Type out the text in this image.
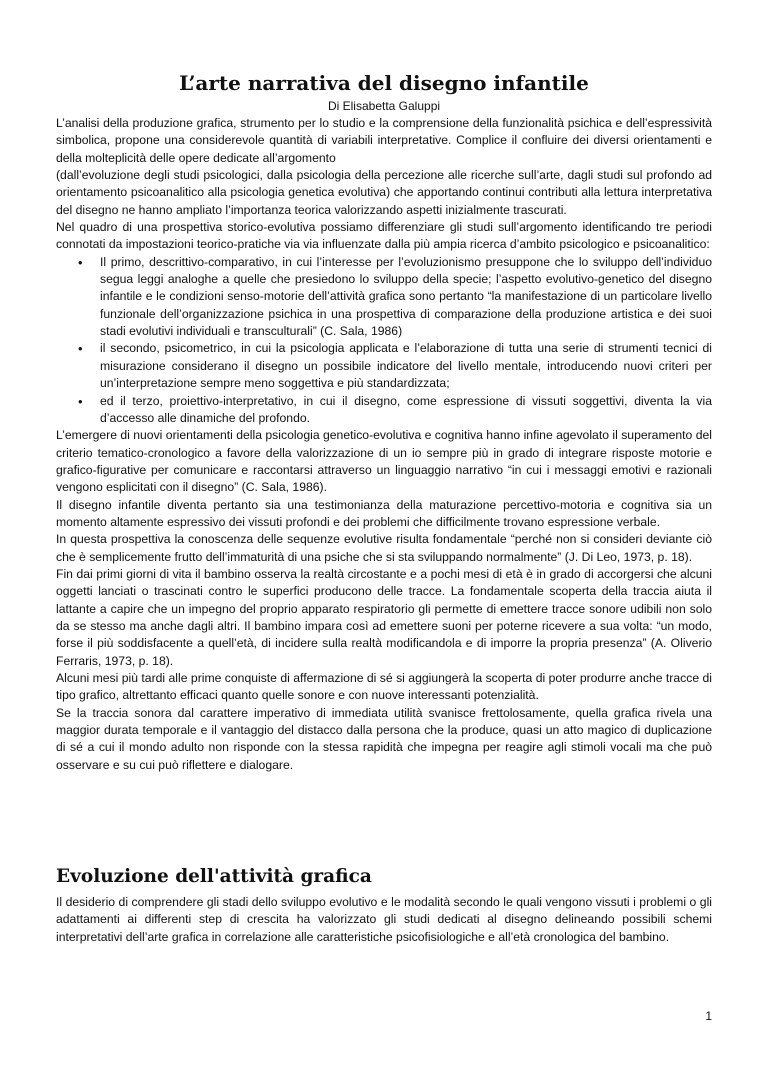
L’arte narrativa del disegno infantile
Di Elisabetta Galuppi

L’analisi della produzione grafica, strumento per lo studio e la comprensione della funzionalità psichica e dell’espressività simbolica, propone una considerevole quantità di variabili interpretative. Complice il confluire dei diversi orientamenti e della molteplicità delle opere dedicate all’argomento

(dall’evoluzione degli studi psicologici, dalla psicologia della percezione alle ricerche sull’arte, dagli studi sul profondo ad orientamento psicoanalitico alla psicologia genetica evolutiva) che apportando continui contributi alla lettura interpretativa del disegno ne hanno ampliato l’importanza teorica valorizzando aspetti inizialmente trascurati.

Nel quadro di una prospettiva storico-evolutiva possiamo differenziare gli studi sull’argomento identificando tre periodi connotati da impostazioni teorico-pratiche via via influenzate dalla più ampia ricerca d’ambito psicologico e psicoanalitico:

• Il primo, descrittivo-comparativo, in cui l’interesse per l’evoluzionismo presuppone che lo sviluppo dell’individuo segua leggi analoghe a quelle che presiedono lo sviluppo della specie; l’aspetto evolutivo-genetico del disegno infantile e le condizioni senso-motorie dell’attività grafica sono pertanto “la manifestazione di un particolare livello funzionale dell’organizzazione psichica in una prospettiva di comparazione della produzione artistica e dei suoi stadi evolutivi individuali e transculturali” (C. Sala, 1986)
• il secondo, psicometrico, in cui la psicologia applicata e l’elaborazione di tutta una serie di strumenti tecnici di misurazione considerano il disegno un possibile indicatore del livello mentale, introducendo nuovi criteri per un’interpretazione sempre meno soggettiva e più standardizzata;
• ed il terzo, proiettivo-interpretativo, in cui il disegno, come espressione di vissuti soggettivi, diventa la via d’accesso alle dinamiche del profondo.

L’emergere di nuovi orientamenti della psicologia genetico-evolutiva e cognitiva hanno infine agevolato il superamento del criterio tematico-cronologico a favore della valorizzazione di un io sempre più in grado di integrare risposte motorie e grafico-figurative per comunicare e raccontarsi attraverso un linguaggio narrativo “in cui i messaggi emotivi e razionali vengono esplicitati con il disegno” (C. Sala, 1986).

Il disegno infantile diventa pertanto sia una testimonianza della maturazione percettivo-motoria e cognitiva sia un momento altamente espressivo dei vissuti profondi e dei problemi che difficilmente trovano espressione verbale.

In questa prospettiva la conoscenza delle sequenze evolutive risulta fondamentale “perché non si consideri deviante ciò che è semplicemente frutto dell’immaturità di una psiche che si sta sviluppando normalmente” (J. Di Leo, 1973, p. 18).

Fin dai primi giorni di vita il bambino osserva la realtà circostante e a pochi mesi di età è in grado di accorgersi che alcuni oggetti lanciati o trascinati contro le superfici producono delle tracce. La fondamentale scoperta della traccia aiuta il lattante a capire che un impegno del proprio apparato respiratorio gli permette di emettere tracce sonore udibili non solo da se stesso ma anche dagli altri. Il bambino impara così ad emettere suoni per poterne ricevere a sua volta: “un modo, forse il più soddisfacente a quell’età, di incidere sulla realtà modificandola e di imporre la propria presenza” (A. Oliverio Ferraris, 1973, p. 18).

Alcuni mesi più tardi alle prime conquiste di affermazione di sé si aggiungerà la scoperta di poter produrre anche tracce di tipo grafico, altrettanto efficaci quanto quelle sonore e con nuove interessanti potenzialità.

Se la traccia sonora dal carattere imperativo di immediata utilità svanisce frettolosamente, quella grafica rivela una maggior durata temporale e il vantaggio del distacco dalla persona che la produce, quasi un atto magico di duplicazione di sé a cui il mondo adulto non risponde con la stessa rapidità che impegna per reagire agli stimoli vocali ma che può osservare e su cui può riflettere e dialogare.

Evoluzione dell'attività grafica

Il desiderio di comprendere gli stadi dello sviluppo evolutivo e le modalità secondo le quali vengono vissuti i problemi o gli adattamenti ai differenti step di crescita ha valorizzato gli studi dedicati al disegno delineando possibili schemi interpretativi dell’arte grafica in correlazione alle caratteristiche psicofisiologiche e all’età cronologica del bambino.

1
